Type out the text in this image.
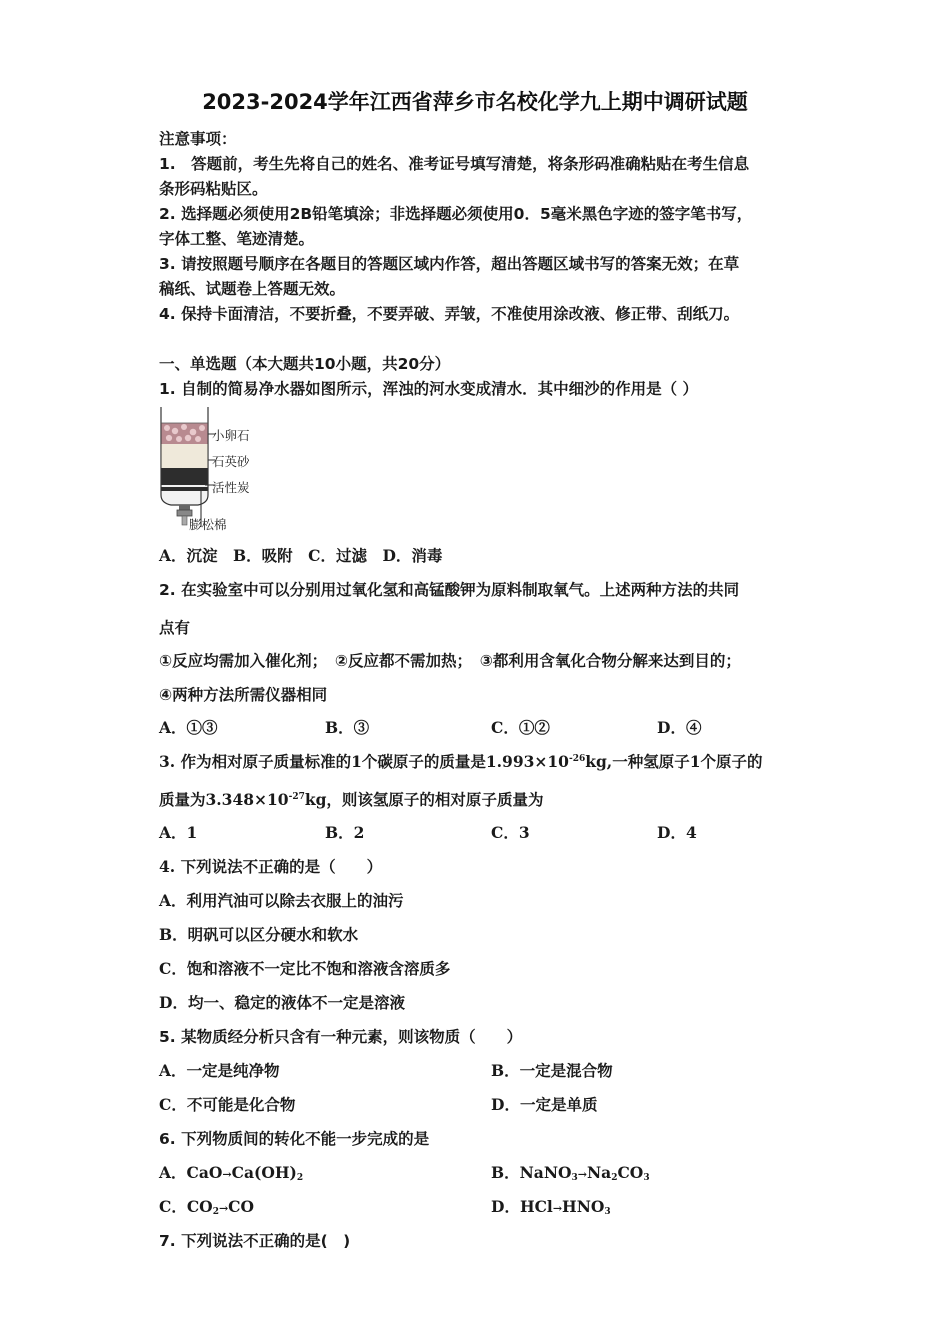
2023-2024学年江西省萍乡市名校化学九上期中调研试题
注意事项：
1.　答题前，考生先将自己的姓名、准考证号填写清楚，将条形码准确粘贴在考生信息
条形码粘贴区。
2. 选择题必须使用2B铅笔填涂；非选择题必须使用0．5毫米黑色字迹的签字笔书写，
字体工整、笔迹清楚。
3. 请按照题号顺序在各题目的答题区域内作答，超出答题区域书写的答案无效；在草
稿纸、试题卷上答题无效。
4. 保持卡面清洁，不要折叠，不要弄破、弄皱，不准使用涂改液、修正带、刮纸刀。
一、单选题（本大题共10小题，共20分）
1. 自制的简易净水器如图所示，浑浊的河水变成清水．其中细沙的作用是（ ）
小卵石
石英砂
活性炭
膨松棉
A．沉淀　B．吸附　C．过滤　D．消毒
2. 在实验室中可以分别用过氧化氢和高锰酸钾为原料制取氧气。上述两种方法的共同
点有
①反应均需加入催化剂；　②反应都不需加热；　③都利用含氧化合物分解来达到目的；
④两种方法所需仪器相同
A．①③	B．③	C．①②	D．④
3. 作为相对原子质量标准的1个碳原子的质量是$1.993\times 10^{-26}kg$,一种氢原子1个原子的
质量为$3.348\times 10^{-27}kg$，则该氢原子的相对原子质量为
A．1	B．2	C．3	D．4
4. 下列说法不正确的是（　　）
A．利用汽油可以除去衣服上的油污
B．明矾可以区分硬水和软水
C．饱和溶液不一定比不饱和溶液含溶质多
D．均一、稳定的液体不一定是溶液
5. 某物质经分析只含有一种元素，则该物质（　　）
A．一定是纯净物	B．一定是混合物
C．不可能是化合物	D．一定是单质
6. 下列物质间的转化不能一步完成的是
A．$CaO\to Ca(OH)_2$	B．$NaNO_3\to Na_2CO_3$
C．$CO_2\to CO$	D．$HCl\to HNO_3$
7. 下列说法不正确的是(　)
